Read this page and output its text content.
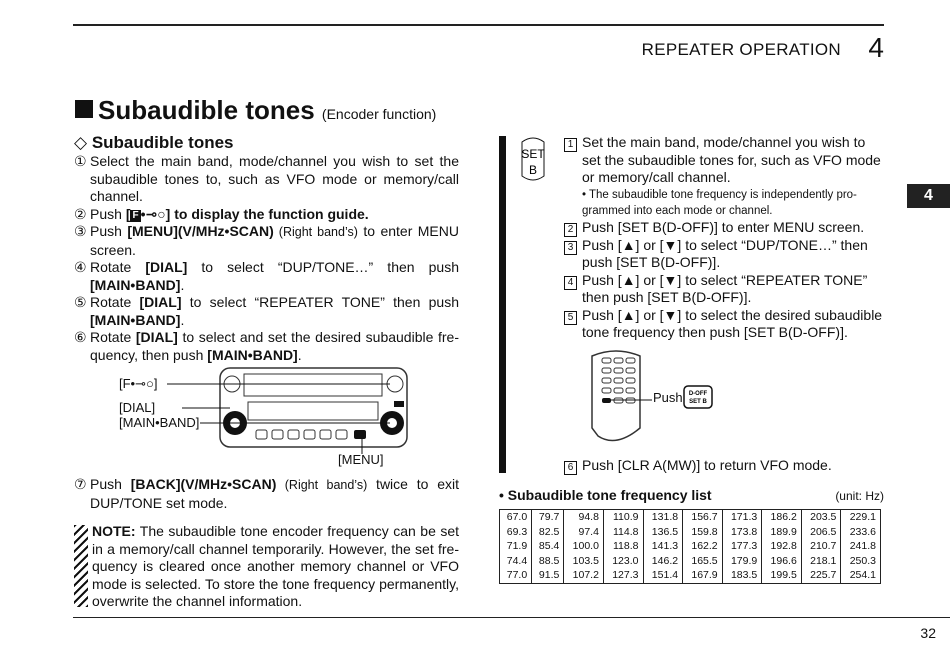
REPEATER OPERATION 4
4
Subaudible tones (Encoder function)
◇ Subaudible tones
① Select the main band, mode/channel you wish to set the subaudible tones to, such as VFO mode or memory/call channel.
② Push [ F •⊸○] to display the function guide.
③ Push [MENU](V/MHz•SCAN) (Right band’s) to enter MENU screen.
④ Rotate [DIAL] to select “DUP/TONE…” then push [MAIN•BAND].
⑤ Rotate [DIAL] to select “REPEATER TONE” then push [MAIN•BAND].
⑥ Rotate [DIAL] to select and set the desired subaudible fre-quency, then push [MAIN•BAND].
[F•⊸○]
[DIAL]
[MAIN•BAND]
[MENU]
⑦ Push [BACK](V/MHz•SCAN) (Right band’s) twice to exit DUP/TONE set mode.
NOTE: The subaudible tone encoder frequency can be set in a memory/call channel temporarily. However, the set fre-quency is cleared once another memory channel or VFO mode is selected. To store the tone frequency permanently, overwrite the channel information.
SET
B
1 Set the main band, mode/channel you wish to set the subaudible tones for, such as VFO mode or memory/call channel.
• The subaudible tone frequency is independently pro-grammed into each mode or channel.
2 Push [SET B(D-OFF)] to enter MENU screen.
3 Push [▲] or [▼] to select “DUP/TONE…” then push [SET B(D-OFF)].
4 Push [▲] or [▼] to select “REPEATER TONE” then push [SET B(D-OFF)].
5 Push [▲] or [▼] to select the desired subaudible tone frequency then push [SET B(D-OFF)].
D-OFF
SET B
Push
6 Push [CLR A(MW)] to return VFO mode.
• Subaudible tone frequency list	(unit: Hz)
67.0	79.7	94.8	110.9	131.8	156.7	171.3	186.2	203.5	229.1
69.3	82.5	97.4	114.8	136.5	159.8	173.8	189.9	206.5	233.6
71.9	85.4	100.0	118.8	141.3	162.2	177.3	192.8	210.7	241.8
74.4	88.5	103.5	123.0	146.2	165.5	179.9	196.6	218.1	250.3
77.0	91.5	107.2	127.3	151.4	167.9	183.5	199.5	225.7	254.1
32
